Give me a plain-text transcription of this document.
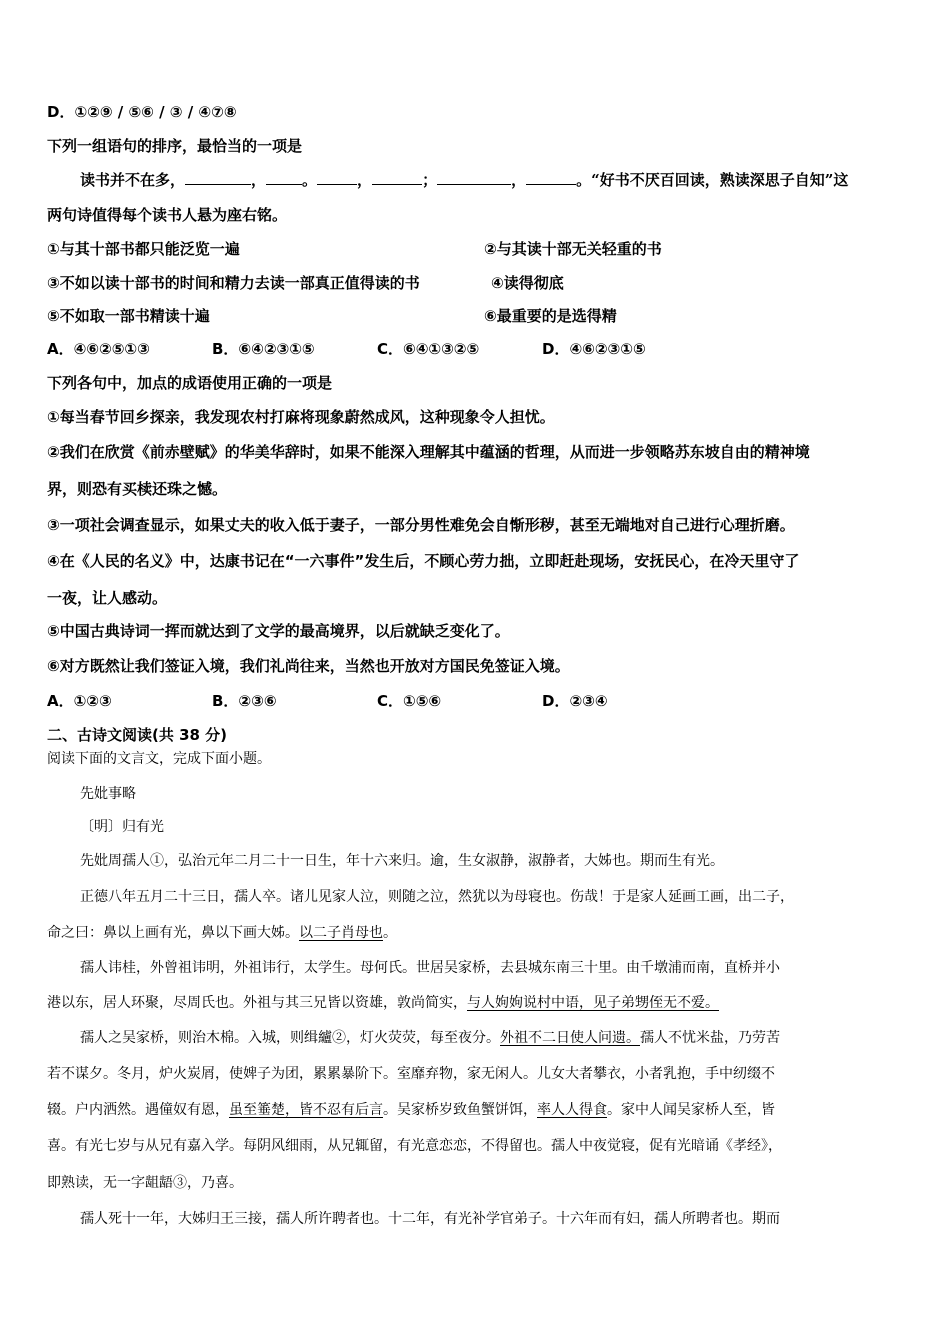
D．①②⑨ / ⑤⑥ / ③ / ④⑦⑧
下列一组语句的排序，最恰当的一项是
读书并不在多，	， 。	，	；	，	。“好书不厌百回读，熟读深思子自知”这
两句诗值得每个读书人悬为座右铭。
①与其十部书都只能泛览一遍	②与其读十部无关轻重的书
③不如以读十部书的时间和精力去读一部真正值得读的书	④读得彻底
⑤不如取一部书精读十遍	⑥最重要的是选得精
A．④⑥②⑤①③	B．⑥④②③①⑤	C．⑥④①③②⑤	D．④⑥②③①⑤
下列各句中，加点的成语使用正确的一项是
①每当春节回乡探亲，我发现农村打麻将现象蔚然成风，这种现象令人担忧。
②我们在欣赏《前赤壁赋》的华美华辞时，如果不能深入理解其中蕴涵的哲理，从而进一步领略苏东坡自由的精神境
界，则恐有买椟还珠之憾。
③一项社会调查显示，如果丈夫的收入低于妻子，一部分男性难免会自惭形秽，甚至无端地对自己进行心理折磨。
④在《人民的名义》中，达康书记在“一六事件”发生后，不顾心劳力拙，立即赶赴现场，安抚民心，在冷天里守了
一夜，让人感动。
⑤中国古典诗词一挥而就达到了文学的最高境界，以后就缺乏变化了。
⑥对方既然让我们签证入境，我们礼尚往来，当然也开放对方国民免签证入境。
A．①②③	B．②③⑥	C．①⑤⑥	D．②③④
二、古诗文阅读(共 38 分)
阅读下面的文言文，完成下面小题。
先妣事略
〔明〕归有光
先妣周孺人①，弘治元年二月二十一日生，年十六来归。逾，生女淑静，淑静者，大姊也。期而生有光。
正德八年五月二十三日，孺人卒。诸儿见家人泣，则随之泣，然犹以为母寝也。伤哉！于是家人延画工画，出二子，
命之曰：鼻以上画有光，鼻以下画大姊。以二子肖母也。
孺人讳桂，外曾祖讳明，外祖讳行，太学生。母何氏。世居吴家桥，去县城东南三十里。由千墩浦而南，直桥并小
港以东，居人环聚，尽周氏也。外祖与其三兄皆以资雄，敦尚简实，与人姁姁说村中语，见子弟甥侄无不爱。
孺人之吴家桥，则治木棉。入城，则缉纑②，灯火荧荧，每至夜分。外祖不二日使人问遗。孺人不忧米盐，乃劳苦
若不谋夕。冬月，炉火炭屑，使婢子为团，累累暴阶下。室靡弃物，家无闲人。儿女大者攀衣，小者乳抱，手中纫缀不
辍。户内洒然。遇僮奴有恩，虽至箠楚，皆不忍有后言。吴家桥岁致鱼蟹饼饵，率人人得食。家中人闻吴家桥人至，皆
喜。有光七岁与从兄有嘉入学。每阴风细雨，从兄辄留，有光意恋恋，不得留也。孺人中夜觉寝，促有光暗诵《孝经》，
即熟读，无一字龃龉③，乃喜。
孺人死十一年，大姊归王三接，孺人所许聘者也。十二年，有光补学官弟子。十六年而有妇，孺人所聘者也。期而
